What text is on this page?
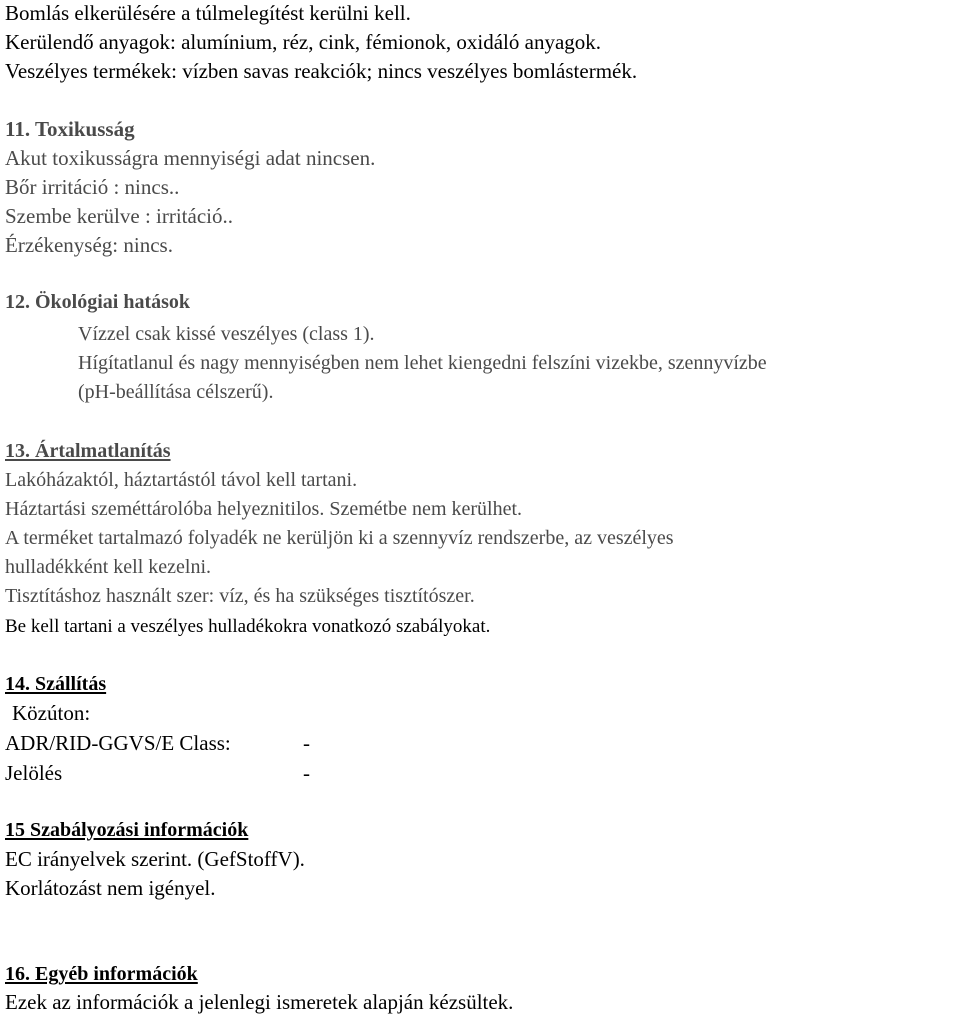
Bomlás elkerülésére a túlmelegítést kerülni kell.

Kerülendő anyagok: alumínium, réz, cink, fémionok, oxidáló anyagok.

Veszélyes termékek: vízben savas reakciók; nincs veszélyes bomlástermék.

11. Toxikusság

Akut toxikusságra mennyiségi adat nincsen.

Bőr irritáció : nincs..

Szembe kerülve : irritáció..

Érzékenység: nincs.

12. Ökológiai hatások

Vízzel csak kissé veszélyes (class 1).

Hígítatlanul és nagy mennyiségben nem lehet kiengedni felszíni vizekbe, szennyvízbe

(pH-beállítása célszerű).

13. Ártalmatlanítás

Lakóházaktól, háztartástól távol kell tartani.

Háztartási szeméttárolóba helyeznitilos. Szemétbe nem kerülhet.

A terméket tartalmazó folyadék ne kerüljön ki a szennyvíz rendszerbe, az veszélyes

hulladékként kell kezelni.

Tisztításhoz használt szer: víz, és ha szükséges tisztítószer.

Be kell tartani a veszélyes hulladékokra vonatkozó szabályokat.

14. Szállítás

Közúton:

ADR/RID-GGVS/E Class:	-

Jelölés	-

15 Szabályozási információk

EC irányelvek szerint. (GefStoffV).

Korlátozást nem igényel.

16. Egyéb információk

Ezek az információk a jelenlegi ismeretek alapján kézsültek.
